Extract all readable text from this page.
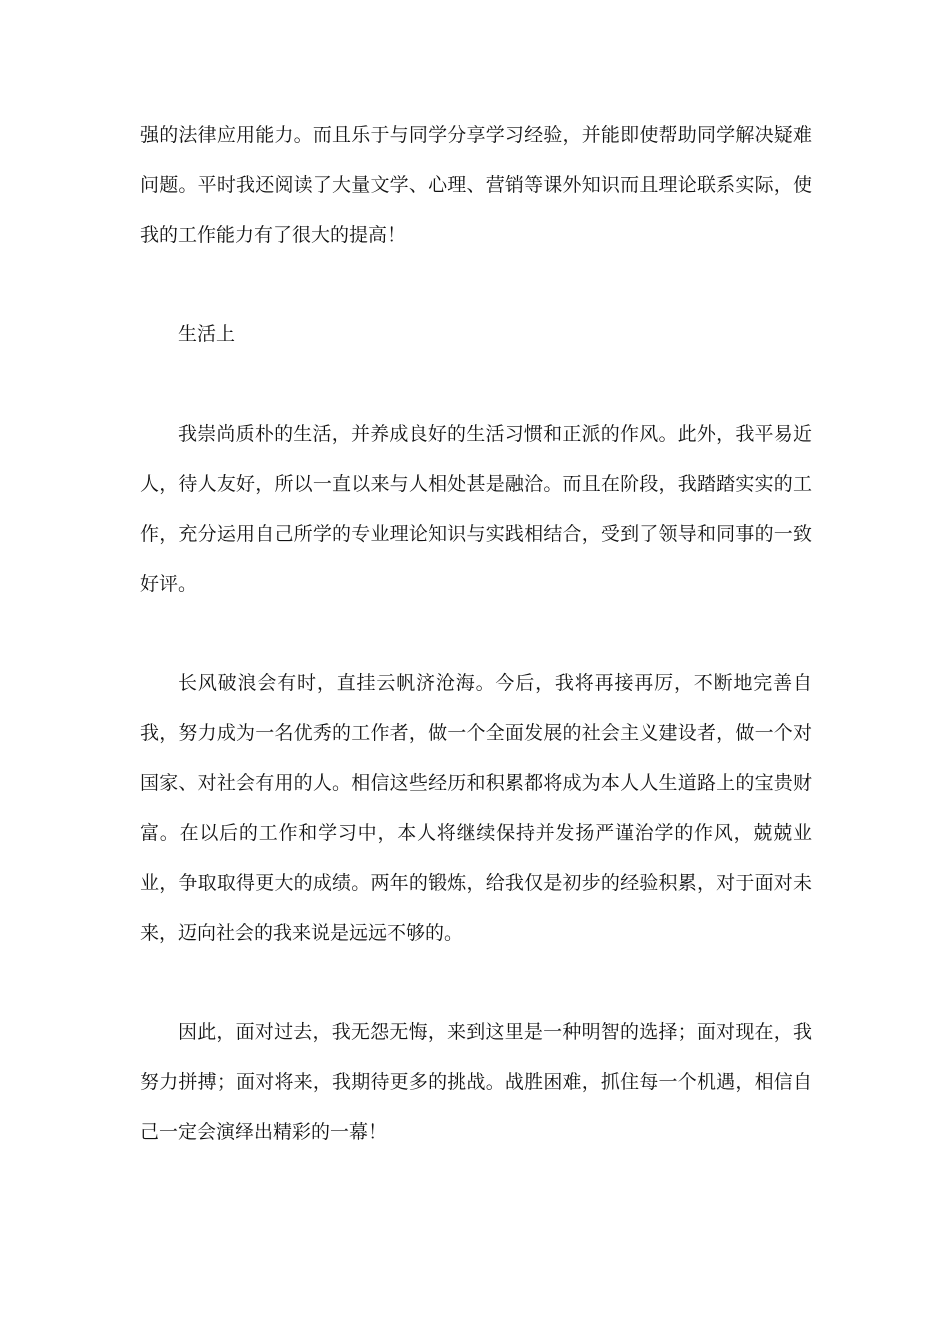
强的法律应用能力。而且乐于与同学分享学习经验，并能即使帮助同学解决疑难问题。平时我还阅读了大量文学、心理、营销等课外知识而且理论联系实际，使我的工作能力有了很大的提高！

生活上

我崇尚质朴的生活，并养成良好的生活习惯和正派的作风。此外，我平易近人，待人友好，所以一直以来与人相处甚是融洽。而且在阶段，我踏踏实实的工作，充分运用自己所学的专业理论知识与实践相结合，受到了领导和同事的一致好评。

长风破浪会有时，直挂云帆济沧海。今后，我将再接再厉，不断地完善自我，努力成为一名优秀的工作者，做一个全面发展的社会主义建设者，做一个对国家、对社会有用的人。相信这些经历和积累都将成为本人人生道路上的宝贵财富。在以后的工作和学习中，本人将继续保持并发扬严谨治学的作风，兢兢业业，争取取得更大的成绩。两年的锻炼，给我仅是初步的经验积累，对于面对未来，迈向社会的我来说是远远不够的。

因此，面对过去，我无怨无悔，来到这里是一种明智的选择；面对现在，我努力拼搏；面对将来，我期待更多的挑战。战胜困难，抓住每一个机遇，相信自己一定会演绎出精彩的一幕！
